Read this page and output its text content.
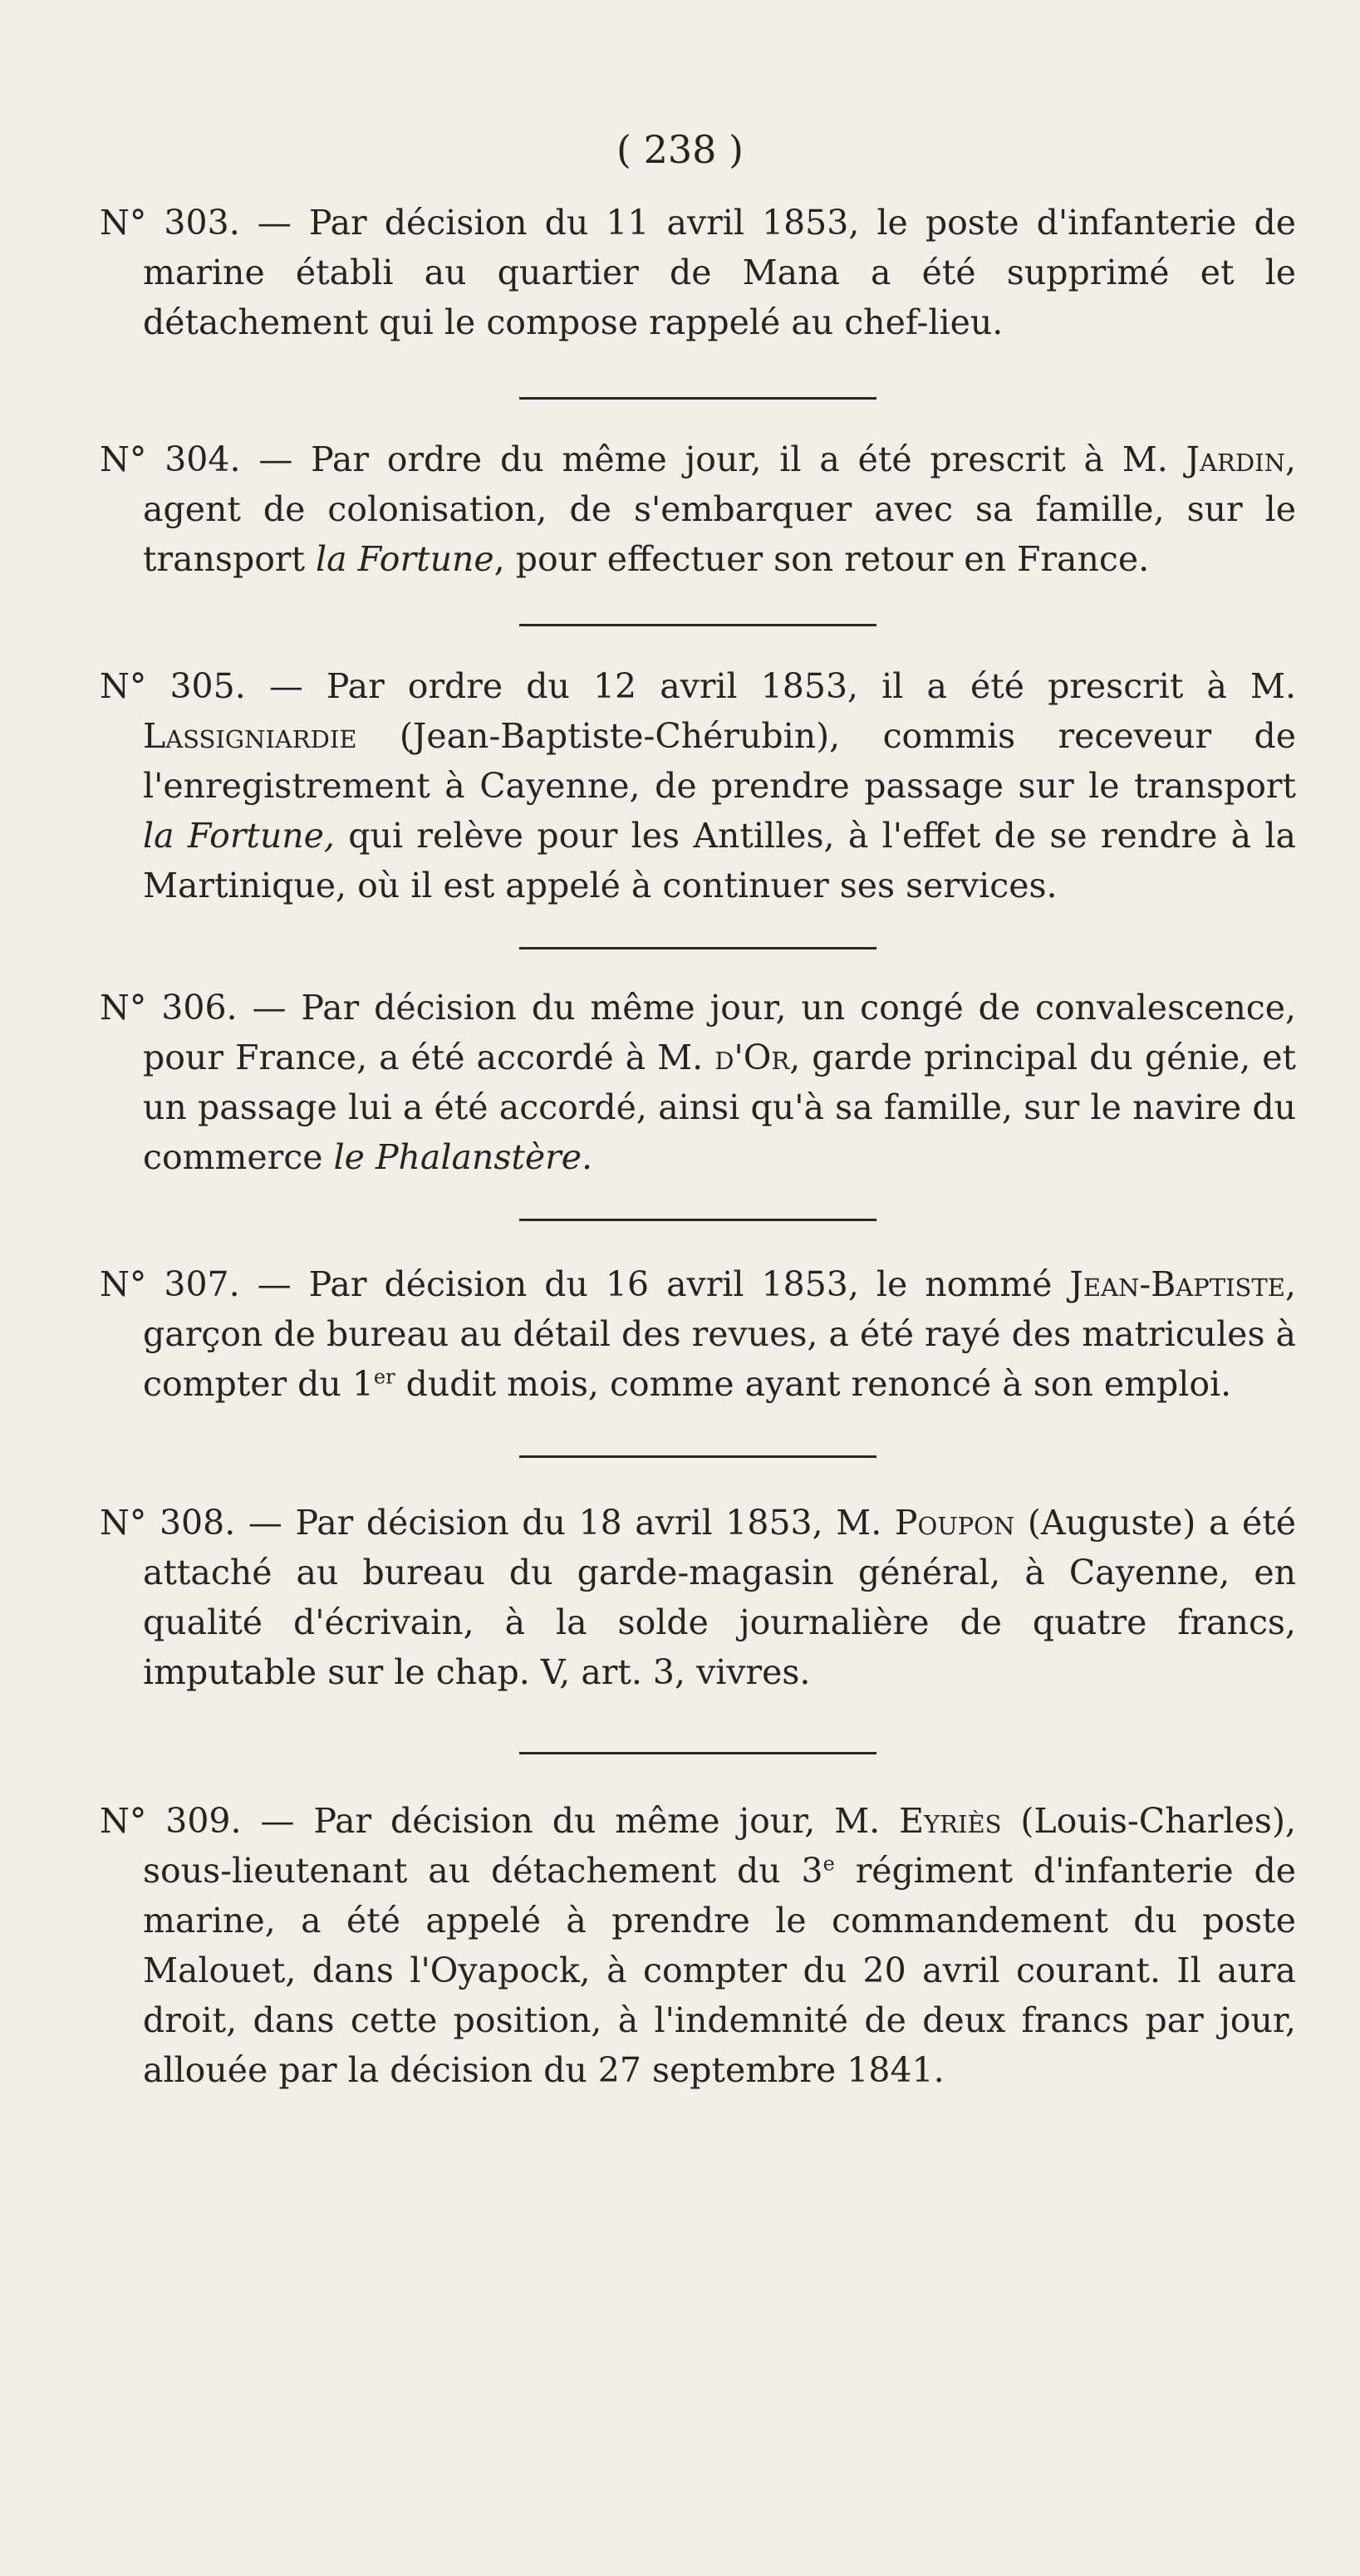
( 238 )

N° 303. — Par décision du 11 avril 1853, le poste d'infanterie de marine établi au quartier de Mana a été supprimé et le détachement qui le compose rappelé au chef-lieu.

N° 304. — Par ordre du même jour, il a été prescrit à M. Jardin, agent de colonisation, de s'embarquer avec sa famille, sur le transport la Fortune, pour effectuer son retour en France.

N° 305. — Par ordre du 12 avril 1853, il a été prescrit à M. Lassigniardie (Jean-Baptiste-Chérubin), commis receveur de l'enregistrement à Cayenne, de prendre passage sur le transport la Fortune, qui relève pour les Antilles, à l'effet de se rendre à la Martinique, où il est appelé à continuer ses services.

N° 306. — Par décision du même jour, un congé de convalescence, pour France, a été accordé à M. d'Or, garde principal du génie, et un passage lui a été accordé, ainsi qu'à sa famille, sur le navire du commerce le Phalanstère.

N° 307. — Par décision du 16 avril 1853, le nommé Jean-Baptiste, garçon de bureau au détail des revues, a été rayé des matricules à compter du 1er dudit mois, comme ayant renoncé à son emploi.

N° 308. — Par décision du 18 avril 1853, M. Poupon (Auguste) a été attaché au bureau du garde-magasin général, à Cayenne, en qualité d'écrivain, à la solde journalière de quatre francs, imputable sur le chap. V, art. 3, vivres.

N° 309. — Par décision du même jour, M. Eyriès (Louis-Charles), sous-lieutenant au détachement du 3e régiment d'infanterie de marine, a été appelé à prendre le commandement du poste Malouet, dans l'Oyapock, à compter du 20 avril courant. Il aura droit, dans cette position, à l'indemnité de deux francs par jour, allouée par la décision du 27 septembre 1841.
